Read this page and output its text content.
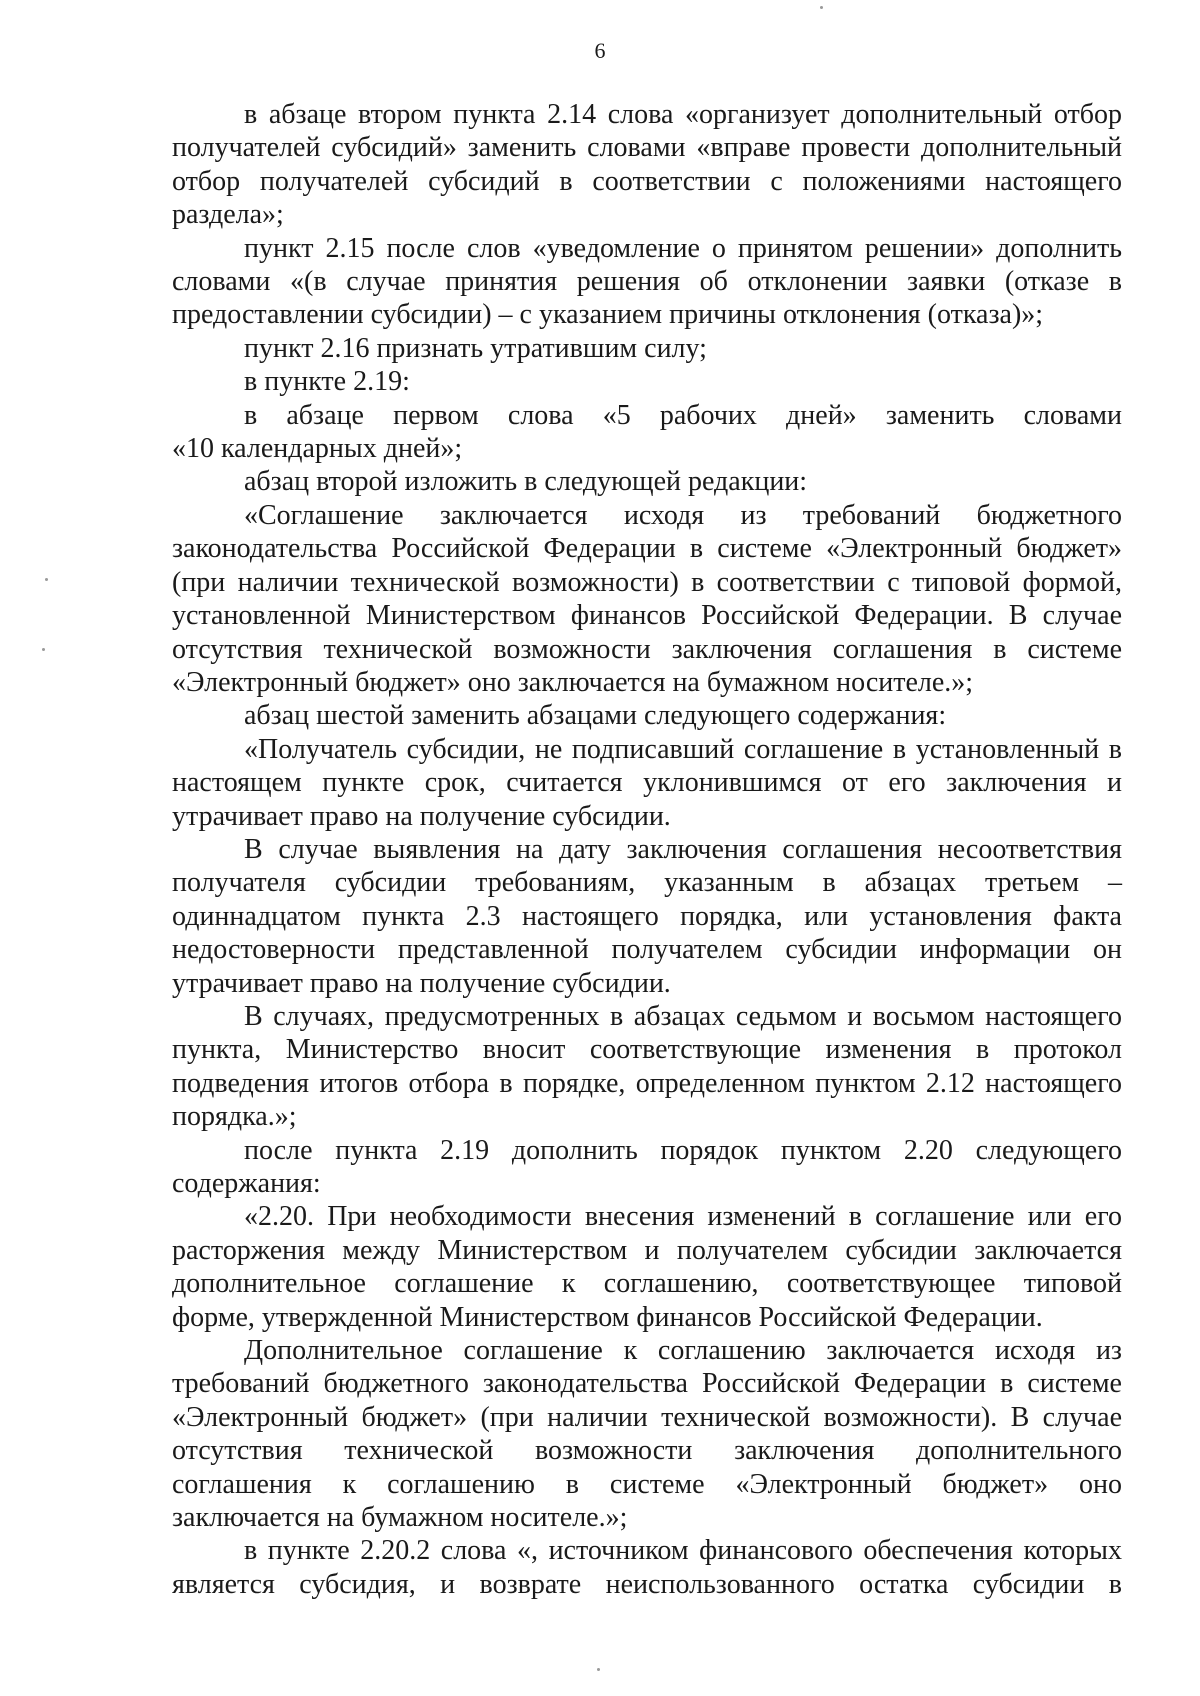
6
в абзаце втором пункта 2.14 слова «организует дополнительный отбор
получателей субсидий» заменить словами «вправе провести дополнительный
отбор получателей субсидий в соответствии с положениями настоящего
раздела»;
пункт 2.15 после слов «уведомление о принятом решении» дополнить
словами «(в случае принятия решения об отклонении заявки (отказе в
предоставлении субсидии) – с указанием причины отклонения (отказа)»;
пункт 2.16 признать утратившим силу;
в пункте 2.19:
в абзаце первом слова «5 рабочих дней» заменить словами
«10 календарных дней»;
абзац второй изложить в следующей редакции:
«Соглашение заключается исходя из требований бюджетного
законодательства Российской Федерации в системе «Электронный бюджет»
(при наличии технической возможности) в соответствии с типовой формой,
установленной Министерством финансов Российской Федерации. В случае
отсутствия технической возможности заключения соглашения в системе
«Электронный бюджет» оно заключается на бумажном носителе.»;
абзац шестой заменить абзацами следующего содержания:
«Получатель субсидии, не подписавший соглашение в установленный в
настоящем пункте срок, считается уклонившимся от его заключения и
утрачивает право на получение субсидии.
В случае выявления на дату заключения соглашения несоответствия
получателя субсидии требованиям, указанным в абзацах третьем –
одиннадцатом пункта 2.3 настоящего порядка, или установления факта
недостоверности представленной получателем субсидии информации он
утрачивает право на получение субсидии.
В случаях, предусмотренных в абзацах седьмом и восьмом настоящего
пункта, Министерство вносит соответствующие изменения в протокол
подведения итогов отбора в порядке, определенном пунктом 2.12 настоящего
порядка.»;
после пункта 2.19 дополнить порядок пунктом 2.20 следующего
содержания:
«2.20. При необходимости внесения изменений в соглашение или его
расторжения между Министерством и получателем субсидии заключается
дополнительное соглашение к соглашению, соответствующее типовой
форме, утвержденной Министерством финансов Российской Федерации.
Дополнительное соглашение к соглашению заключается исходя из
требований бюджетного законодательства Российской Федерации в системе
«Электронный бюджет» (при наличии технической возможности). В случае
отсутствия технической возможности заключения дополнительного
соглашения к соглашению в системе «Электронный бюджет» оно
заключается на бумажном носителе.»;
в пункте 2.20.2 слова «, источником финансового обеспечения которых
является субсидия, и возврате неиспользованного остатка субсидии в
